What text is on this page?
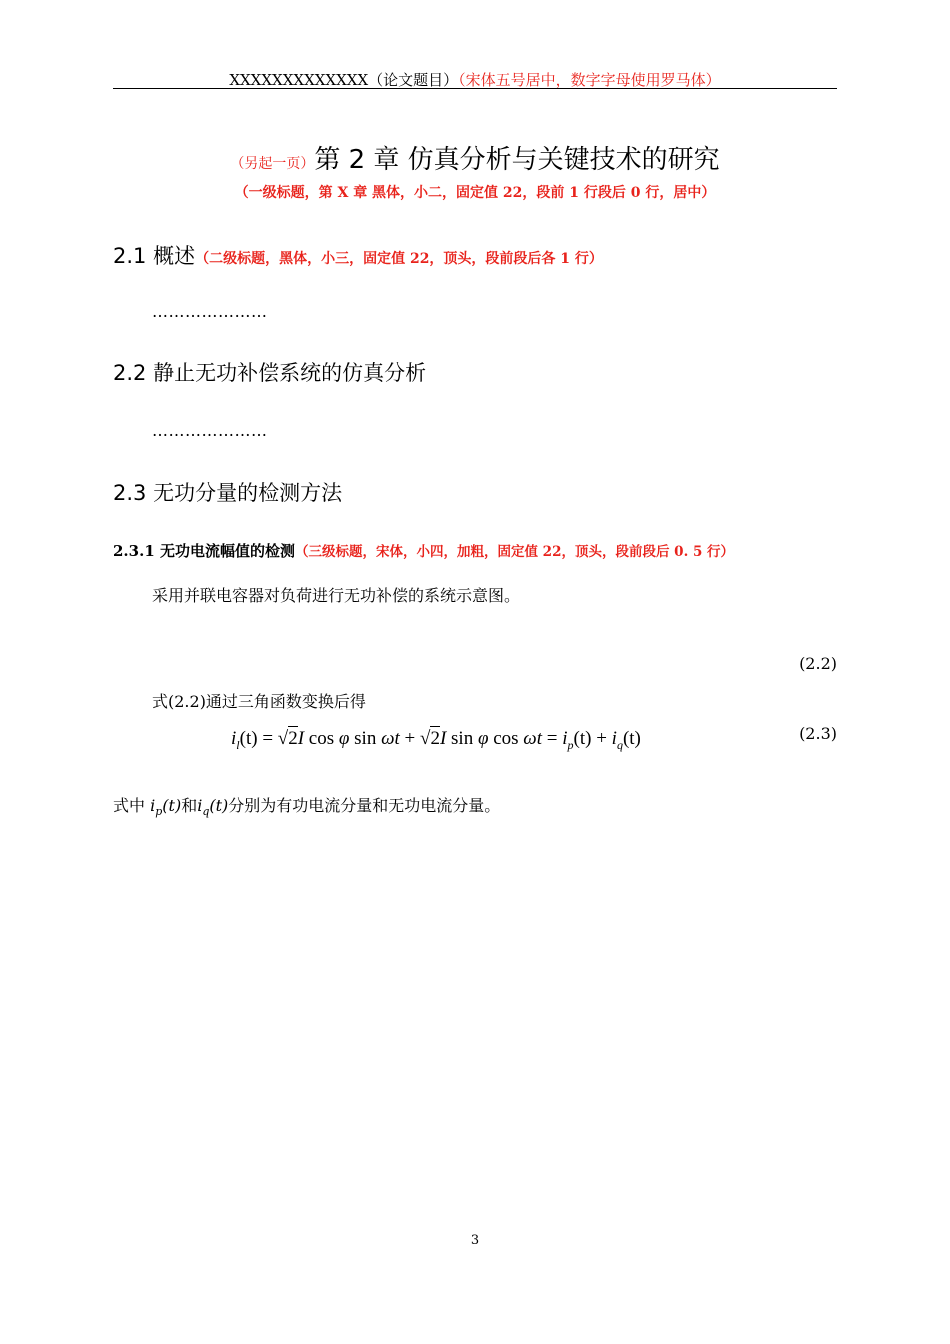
XXXXXXXXXXXXX（论文题目）（宋体五号居中，数字字母使用罗马体）
（另起一页）第 2 章 仿真分析与关键技术的研究
（一级标题，第 X 章 黑体，小二，固定值 22，段前 1 行段后 0 行，居中）
2.1 概述（二级标题，黑体，小三，固定值 22，顶头，段前段后各 1 行）
…………………
2.2 静止无功补偿系统的仿真分析
…………………
2.3 无功分量的检测方法
2.3.1 无功电流幅值的检测（三级标题，宋体，小四，加粗，固定值 22，顶头，段前段后 0. 5 行）
采用并联电容器对负荷进行无功补偿的系统示意图。
(2.2)
式(2.2)通过三角函数变换后得
$i_l(t) = √2I$ cos φ sin ωt + √2I sin φ $\cos \omega t = i_p(t) + i_q(t)$	(2.3)
式中 $i_p(t)$和$i_q(t)$分别为有功电流分量和无功电流分量。
3
